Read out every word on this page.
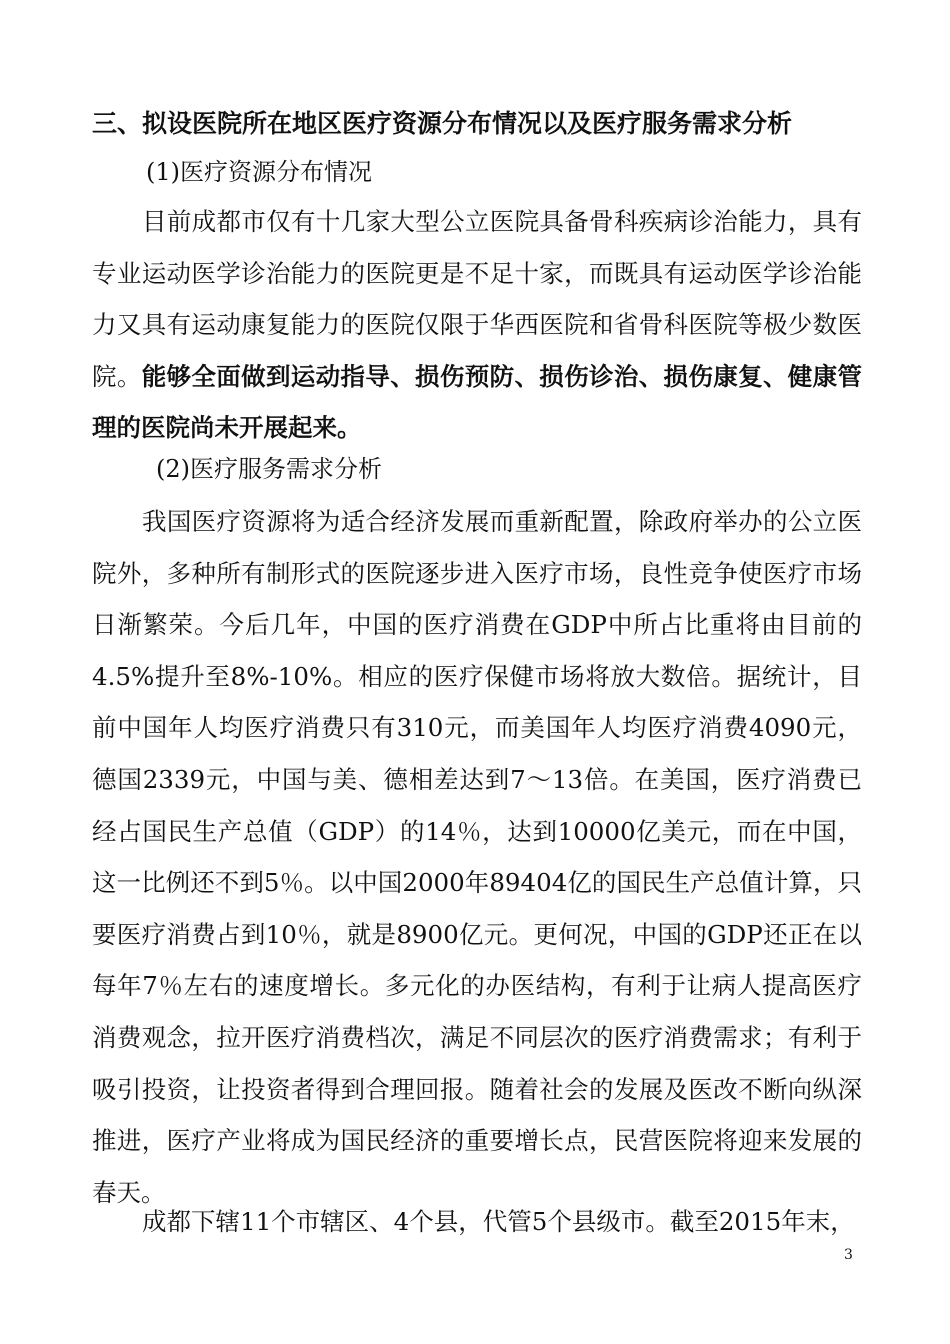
三、拟设医院所在地区医疗资源分布情况以及医疗服务需求分析
(1)医疗资源分布情况

目前成都市仅有十几家大型公立医院具备骨科疾病诊治能力，具有专业运动医学诊治能力的医院更是不足十家，而既具有运动医学诊治能力又具有运动康复能力的医院仅限于华西医院和省骨科医院等极少数医院。能够全面做到运动指导、损伤预防、损伤诊治、损伤康复、健康管理的医院尚未开展起来。

(2)医疗服务需求分析

我国医疗资源将为适合经济发展而重新配置，除政府举办的公立医院外，多种所有制形式的医院逐步进入医疗市场，良性竞争使医疗市场日渐繁荣。今后几年，中国的医疗消费在GDP中所占比重将由目前的4.5%提升至8%-10%。相应的医疗保健市场将放大数倍。据统计，目前中国年人均医疗消费只有310元，而美国年人均医疗消费4090元，德国2339元，中国与美、德相差达到7～13倍。在美国，医疗消费已经占国民生产总值（GDP）的14％，达到10000亿美元，而在中国，这一比例还不到5％。以中国2000年89404亿的国民生产总值计算，只要医疗消费占到10％，就是8900亿元。更何况，中国的GDP还正在以每年7％左右的速度增长。多元化的办医结构，有利于让病人提高医疗消费观念，拉开医疗消费档次，满足不同层次的医疗消费需求；有利于吸引投资，让投资者得到合理回报。随着社会的发展及医改不断向纵深推进，医疗产业将成为国民经济的重要增长点，民营医院将迎来发展的春天。

成都下辖11个市辖区、4个县，代管5个县级市。截至2015年末，

3
